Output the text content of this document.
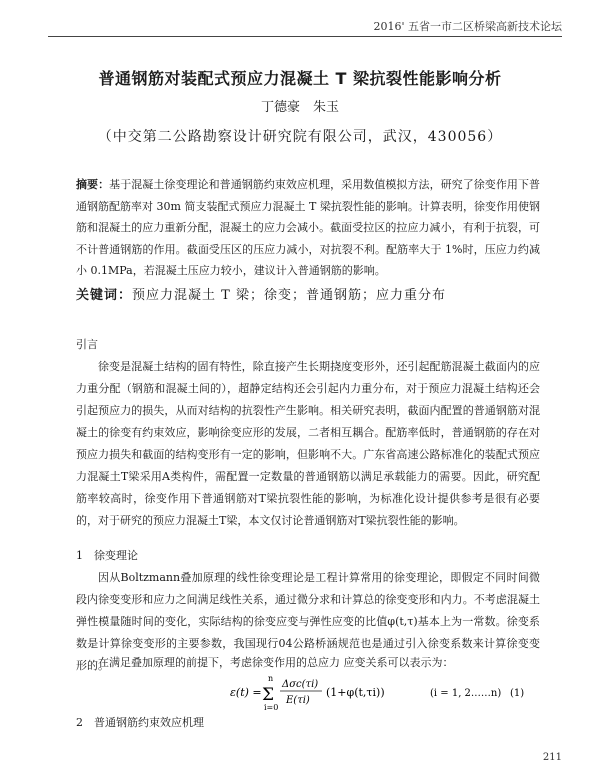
2016' 五省一市二区桥梁高新技术论坛
普通钢筋对装配式预应力混凝土 T 梁抗裂性能影响分析
丁德豪　朱玉
（中交第二公路勘察设计研究院有限公司，武汉，430056）
摘要：基于混凝土徐变理论和普通钢筋约束效应机理，采用数值模拟方法，研究了徐变作用下普通钢筋配筋率对 30m 简支装配式预应力混凝土 T 梁抗裂性能的影响。计算表明，徐变作用使钢筋和混凝土的应力重新分配，混凝土的应力会减小。截面受拉区的拉应力减小，有利于抗裂，可不计普通钢筋的作用。截面受压区的压应力减小，对抗裂不利。配筋率大于 1%时，压应力约减小 0.1MPa，若混凝土压应力较小，建议计入普通钢筋的影响。
关键词：预应力混凝土 T 梁；徐变；普通钢筋；应力重分布
引言

徐变是混凝土结构的固有特性，除直接产生长期挠度变形外，还引起配筋混凝土截面内的应力重分配（钢筋和混凝土间的），超静定结构还会引起内力重分布，对于预应力混凝土结构还会引起预应力的损失，从而对结构的抗裂性产生影响。相关研究表明，截面内配置的普通钢筋对混凝土的徐变有约束效应，影响徐变应形的发展，二者相互耦合。配筋率低时，普通钢筋的存在对预应力损失和截面的结构变形有一定的影响，但影响不大。广东省高速公路标准化的装配式预应力混凝土T梁采用A类构件，需配置一定数量的普通钢筋以满足承载能力的需要。因此，研究配筋率较高时，徐变作用下普通钢筋对T梁抗裂性能的影响，为标准化设计提供参考是很有必要的，对于研究的预应力混凝土T梁，本文仅讨论普通钢筋对T梁抗裂性能的影响。

1　徐变理论

因从Boltzmann叠加原理的线性徐变理论是工程计算常用的徐变理论，即假定不同时间微段内徐变变形和应力之间满足线性关系，通过微分求和计算总的徐变变形和内力。不考虑混凝土弹性模量随时间的变化，实际结构的徐变应变与弹性应变的比值φ(t,τ)基本上为一常数。徐变系数是计算徐变变形的主要参数，我国现行04公路桥涵规范也是通过引入徐变系数来计算徐变变形的。

在满足叠加原理的前提下，考虑徐变作用的总应力 应变关系可以表示为：

ε(t) =
n
Σ
i=0
Δσc(τi)
E(τi)
(1+φ(t,τi))	(i = 1, 2……n) (1)
2　普通钢筋约束效应机理
211
